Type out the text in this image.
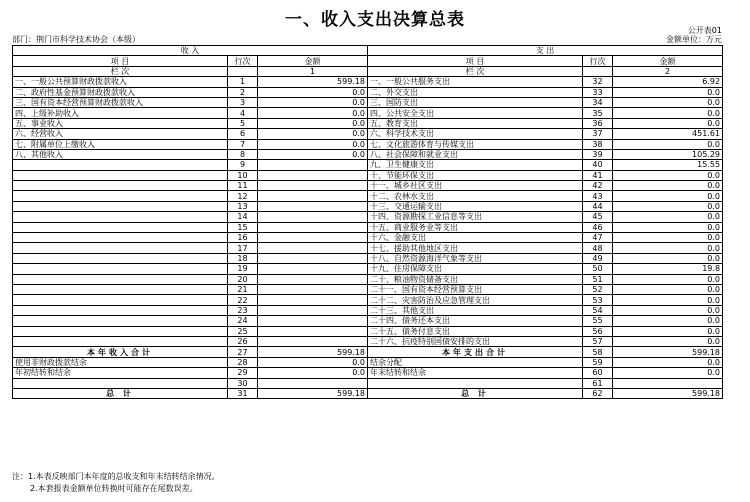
一、收入支出决算总表
公开表01
部门：荆门市科学技术协会（本级）	金额单位：万元
收 入			支 出		
项 目	行次	金额	项 目	行次	金额
栏 次		1	栏 次		2
一、一般公共预算财政拨款收入	1	599.18	一、一般公共服务支出	32	6.92
二、政府性基金预算财政拨款收入	2	0.0	二、外交支出	33	0.0
三、国有资本经营预算财政拨款收入	3	0.0	三、国防支出	34	0.0
四、上级补助收入	4	0.0	四、公共安全支出	35	0.0
五、事业收入	5	0.0	五、教育支出	36	0.0
六、经营收入	6	0.0	六、科学技术支出	37	451.61
七、附属单位上缴收入	7	0.0	七、文化旅游体育与传媒支出	38	0.0
八、其他收入	8	0.0	八、社会保障和就业支出	39	105.29
	9		九、卫生健康支出	40	15.55
	10		十、节能环保支出	41	0.0
	11		十一、城乡社区支出	42	0.0
	12		十二、农林水支出	43	0.0
	13		十三、交通运输支出	44	0.0
	14		十四、资源勘探工业信息等支出	45	0.0
	15		十五、商业服务业等支出	46	0.0
	16		十六、金融支出	47	0.0
	17		十七、援助其他地区支出	48	0.0
	18		十八、自然资源海洋气象等支出	49	0.0
	19		十九、住房保障支出	50	19.8
	20		二十、粮油物资储备支出	51	0.0
	21		二十一、国有资本经营预算支出	52	0.0
	22		二十二、灾害防治及应急管理支出	53	0.0
	23		二十三、其他支出	54	0.0
	24		二十四、债务还本支出	55	0.0
	25		二十五、债务付息支出	56	0.0
	26		二十六、抗疫特别国债安排的支出	57	0.0
本年收入合计	27	599.18	本年支出合计	58	599.18
使用非财政拨款结余	28	0.0	结余分配	59	0.0
年初结转和结余	29	0.0	年末结转和结余	60	0.0
	30			61	
总 计	31	599.18	总 计	62	599.18
注：1.本表反映部门本年度的总收支和年末结转结余情况。
2.本套报表金额单位转换时可能存在尾数误差。
